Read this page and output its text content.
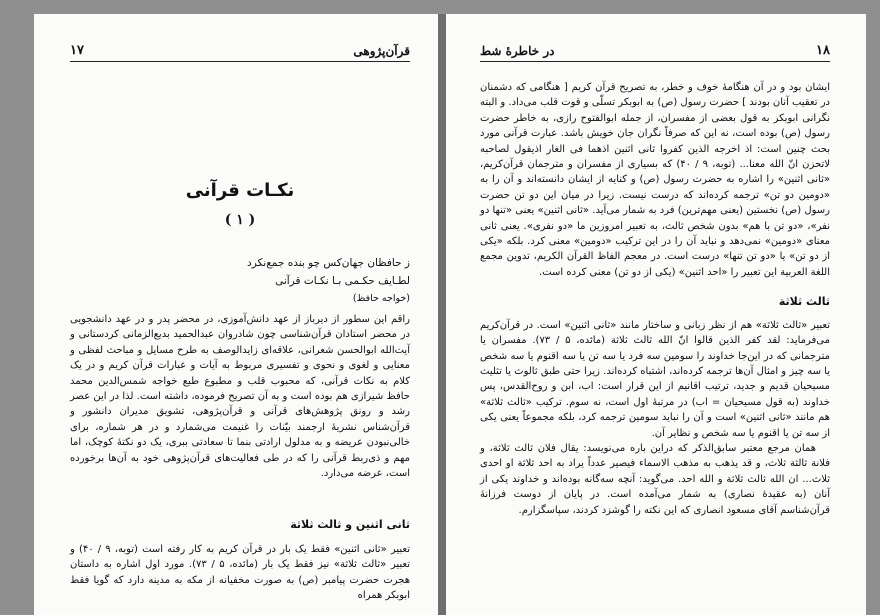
۱۷	قرآن‌پژوهی
نکـات قرآنی
( ۱ )
ز حافظان جهان‌کس چو بنده جمع‌نکرد
لطـایف حکـمی بـا نکـات قرآنی
(خواجه حافظ)

راقم این سطور از دیرباز از عهد دانش‌آموزی، در محضر پدر و در عهد دانشجویی در محضر استادان قرآن‌شناسی چون شادروان عبدالحمید بدیع‌الزمانی کردستانی و آیت‌الله ابوالحسن شعرانی، علاقه‌ای زایدالوصف به طرح مسایل و مباحث لفظی و معنایی و لغوی و نحوی و تفسیری مربوط به آیات و عبارات قرآن کریم و در یک کلام به نکات قرآنی، که محبوب قلب و مطبوع طبع خواجه شمس‌الدین محمد حافظ شیرازی هم بوده است و به آن تصریح فرموده، داشته است. لذا در این عصر رشد و رونق پژوهش‌های قرآنی و قرآن‌پژوهی، تشویق مدیران دانشور و قرآن‌شناس نشریهٔ ارجمند بیّنات را غنیمت می‌شمارد و در هر شماره، برای خالی‌نبودن عریضه و به مدلول ارادتی بنما تا سعادتی ببری، یک دو نکتهٔ کوچک، اما مهم و ذی‌ربط قرآنی را که در طی فعالیت‌های قرآن‌پژوهی خود به آن‌ها برخورده است، عرضه می‌دارد.

ثانی اثنین و ثالث ثلاثة

تعبیر «ثانی اثنین» فقط یک بار در قرآن کریم به کار رفته است (توبه، ۹ / ۴۰) و تعبیر «ثالث ثلاثة» نیز فقط یک بار (مائده، ۵ / ۷۳). مورد اول اشاره به داستان هجرت حضرت پیامبر (ص) به صورت مخفیانه از مکه به مدینه دارد که گویا فقط ابوبکر همراه

در خاطرهٔ شط	۱۸

ایشان بود و در آن هنگامهٔ خوف و خطر، به تصریح قرآن کریم [ هنگامی که دشمنان در تعقیب آنان بودند ] حضرت رسول (ص) به ابوبکر تسلّی و قوت قلب می‌داد. و البته نگرانی ابوبکر به قول بعضی از مفسران، از جمله ابوالفتوح رازی، به خاطر حضرت رسول (ص) بوده است، نه این که صرفاً نگران جان خویش باشد. عبارت قرآنی مورد بحث چنین است: اذ اخرجه الذین کفروا ثانی اثنین اذهما فی الغار اذیقول لصاحبه لاتحزن انّ الله معنا... (توبه، ۹ / ۴۰) که بسیاری از مفسران و مترجمان قرآن‌کریم، «ثانی اثنین» را اشاره به حضرت رسول (ص) و کنایه از ایشان دانسته‌اند و آن را به «دومین دو تن» ترجمه کرده‌اند که درست نیست. زیرا در میان این دو تن حضرت رسول (ص) نخستین (یعنی مهم‌ترین) فرد به شمار می‌آید. «ثانی اثنین» یعنی «تنها دو نفر»، «دو تن با هم» بدون شخص ثالث، به تعبیر امروزین ما «دو نفری». یعنی ثانی معنای «دومین» نمی‌دهد و نباید آن را در این ترکیب «دومین» معنی کرد. بلکه «یکی از دو تن» یا «دو تن تنها» درست است. در معجم الفاظ القرآن الکریم، تدوین مجمع اللغة العربیة این تعبیر را «احد اثنین» (یکی از دو تن) معنی کرده است.

ثالث ثلاثة

تعبیر «ثالث ثلاثة» هم از نظر زبانی و ساختار مانند «ثانی اثنین» است. در قرآن‌کریم می‌فرماید: لقد کفر الذین قالوا انّ الله ثالث ثلاثة (مائده، ۵ / ۷۳). مفسران یا مترجمانی که در این‌جا خداوند را سومین سه فرد یا سه تن یا سه اقنوم یا سه شخص یا سه چیز و امثال آن‌ها ترجمه کرده‌اند، اشتباه کرده‌اند. زیرا حتی طبق ثالوث یا تثلیث مسیحیان قدیم و جدید، ترتیب اقانیم از این قرار است: اب، ابن و روح‌القدس، پس خداوند (به قول مسیحیان = اب) در مرتبهٔ اول است، نه سوم. ترکیب «ثالث ثلاثة» هم مانند «ثانی اثنین» است و آن را نباید سومین ترجمه کرد، بلکه مجموعاً یعنی یکی از سه تن یا اقنوم یا سه شخص و نظایر آن.

همان مرجع معتبر سابق‌الذکر که دراین باره می‌نویسد: یقال فلان ثالث ثلاثة، و فلانة ثالثة ثلاث، و قد یذهب به مذهب الاسماء فیصیر عدداً یراد به احد ثلاثة او احدی ثلاث... ان الله ثالث ثلاثة و الله احد. می‌گوید: آنچه سه‌گانه بوده‌اند و خداوند یکی از آنان (به عقیدهٔ نصاری) به شمار می‌آمده است. در پایان از دوست فرزانهٔ قرآن‌شناسم آقای مسعود انصاری که این نکته را گوشزد کردند، سپاسگزارم.
